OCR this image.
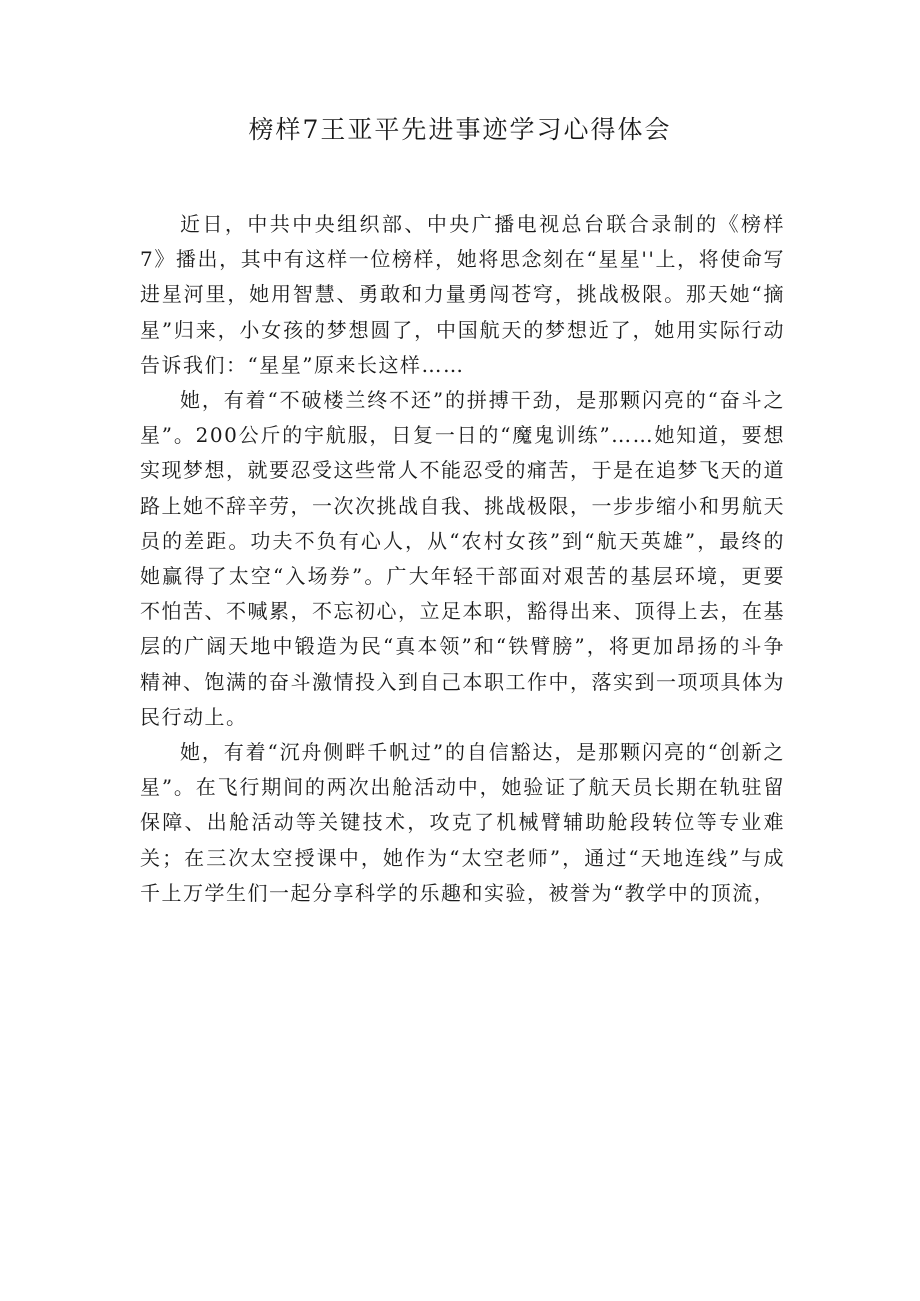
榜样7王亚平先进事迹学习心得体会

近日，中共中央组织部、中央广播电视总台联合录制的《榜样7》播出，其中有这样一位榜样，她将思念刻在“星星''上，将使命写进星河里，她用智慧、勇敢和力量勇闯苍穹，挑战极限。那天她“摘星”归来，小女孩的梦想圆了，中国航天的梦想近了，她用实际行动告诉我们：“星星”原来长这样……

她，有着“不破楼兰终不还”的拼搏干劲，是那颗闪亮的“奋斗之星”。200公斤的宇航服，日复一日的“魔鬼训练”……她知道，要想实现梦想，就要忍受这些常人不能忍受的痛苦，于是在追梦飞天的道路上她不辞辛劳，一次次挑战自我、挑战极限，一步步缩小和男航天员的差距。功夫不负有心人，从“农村女孩”到“航天英雄”，最终的她赢得了太空“入场券”。广大年轻干部面对艰苦的基层环境，更要不怕苦、不喊累，不忘初心，立足本职，豁得出来、顶得上去，在基层的广阔天地中锻造为民“真本领”和“铁臂膀”，将更加昂扬的斗争精神、饱满的奋斗激情投入到自己本职工作中，落实到一项项具体为民行动上。

她，有着“沉舟侧畔千帆过”的自信豁达，是那颗闪亮的“创新之星”。在飞行期间的两次出舱活动中，她验证了航天员长期在轨驻留保障、出舱活动等关键技术，攻克了机械臂辅助舱段转位等专业难关；在三次太空授课中，她作为“太空老师”，通过“天地连线”与成千上万学生们一起分享科学的乐趣和实验，被誉为“教学中的顶流，
